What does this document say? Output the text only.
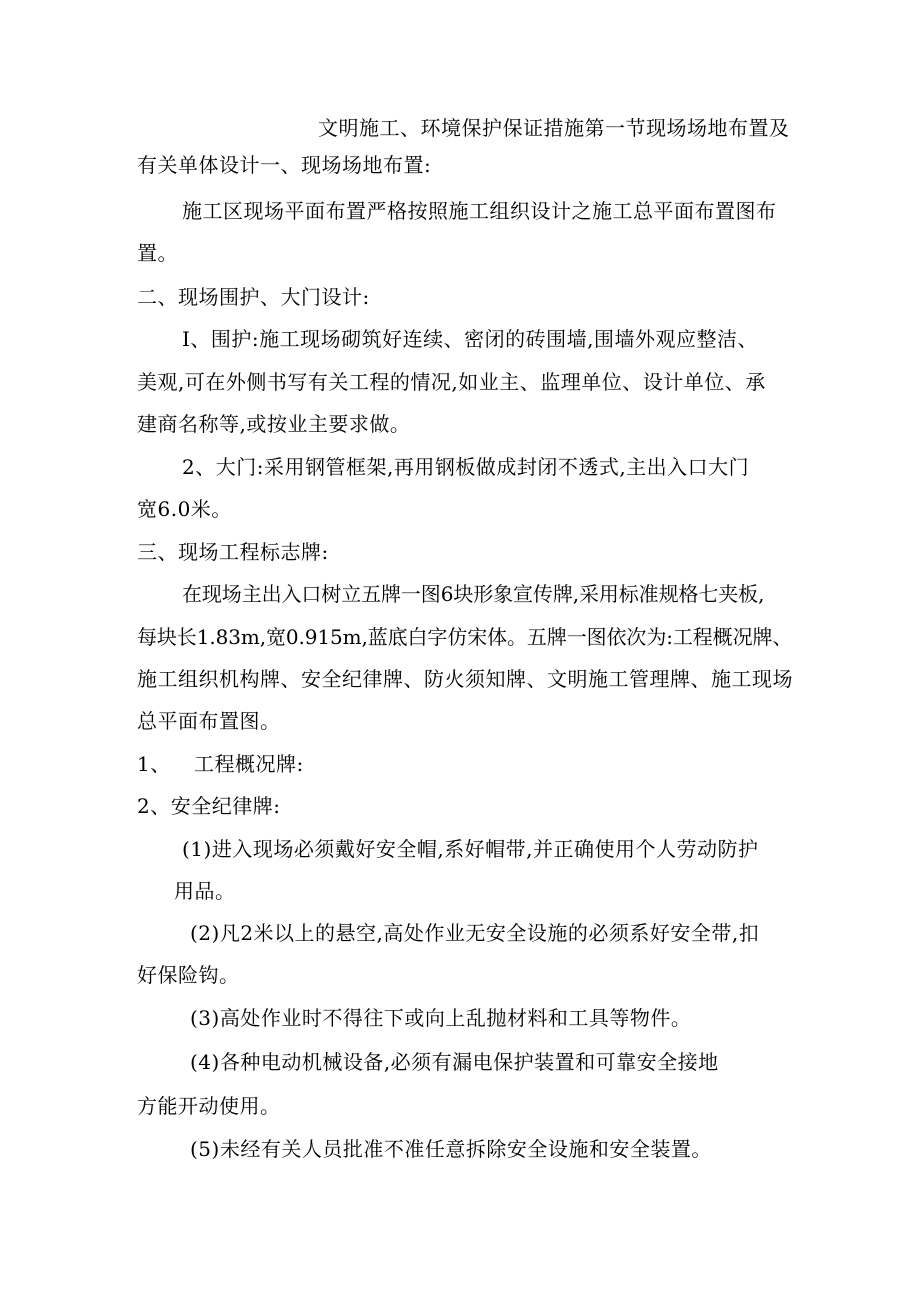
文明施工、环境保护保证措施第一节现场场地布置及

有关单体设计一、现场场地布置:

施工区现场平面布置严格按照施工组织设计之施工总平面布置图布

置。

二、现场围护、大门设计:

I、围护:施工现场砌筑好连续、密闭的砖围墙,围墙外观应整洁、

美观,可在外侧书写有关工程的情况,如业主、监理单位、设计单位、承

建商名称等,或按业主要求做。

2、大门:采用钢管框架,再用钢板做成封闭不透式,主出入口大门

宽6.0米。

三、现场工程标志牌:

在现场主出入口树立五牌一图6块形象宣传牌,采用标准规格七夹板,

每块长1.83m,宽0.915m,蓝底白字仿宋体。五牌一图依次为:工程概况牌、

施工组织机构牌、安全纪律牌、防火须知牌、文明施工管理牌、施工现场

总平面布置图。

1、 工程概况牌:

2、安全纪律牌:

(1)进入现场必须戴好安全帽,系好帽带,并正确使用个人劳动防护

用品。

(2)凡2米以上的悬空,高处作业无安全设施的必须系好安全带,扣

好保险钩。

(3)高处作业时不得往下或向上乱抛材料和工具等物件。

(4)各种电动机械设备,必须有漏电保护装置和可靠安全接地

方能开动使用。

(5)未经有关人员批准不准任意拆除安全设施和安全装置。
